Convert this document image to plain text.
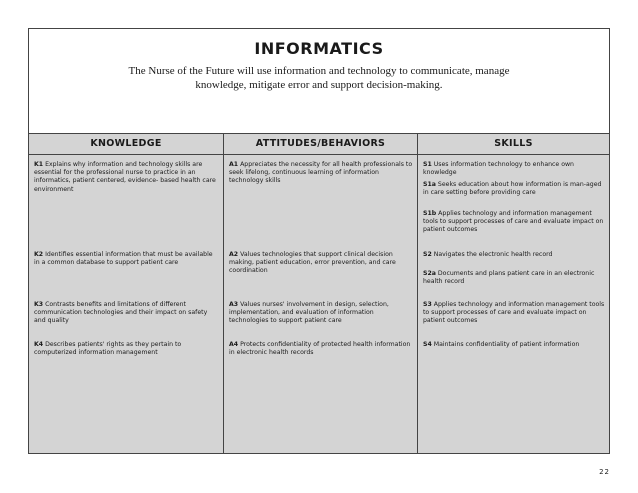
INFORMATICS
The Nurse of the Future will use information and technology to communicate, manage knowledge, mitigate error and support decision-making.
KNOWLEDGE	ATTITUDES/BEHAVIORS	SKILLS
K1 Explains why information and technology skills are essential for the professional nurse to practice in an informatics, patient centered, evidence- based health care environment
K2 Identifies essential information that must be available in a common database to support patient care
K3 Contrasts benefits and limitations of different communication technologies and their impact on safety and quality
K4 Describes patients' rights as they pertain to computerized information management
A1 Appreciates the necessity for all health professionals to seek lifelong, continuous learning of information technology skills
A2 Values technologies that support clinical decision making, patient education, error prevention, and care coordination
A3 Values nurses' involvement in design, selection, implementation, and evaluation of information technologies to support patient care
A4 Protects confidentiality of protected health information in electronic health records
S1 Uses information technology to enhance own knowledge
S1a Seeks education about how information is man-aged in care setting before providing care
S1b Applies technology and information management tools to support processes of care and evaluate impact on patient outcomes
S2 Navigates the electronic health record
S2a Documents and plans patient care in an electronic health record
S3 Applies technology and information management tools to support processes of care and evaluate impact on patient outcomes
S4 Maintains confidentiality of patient information
22
